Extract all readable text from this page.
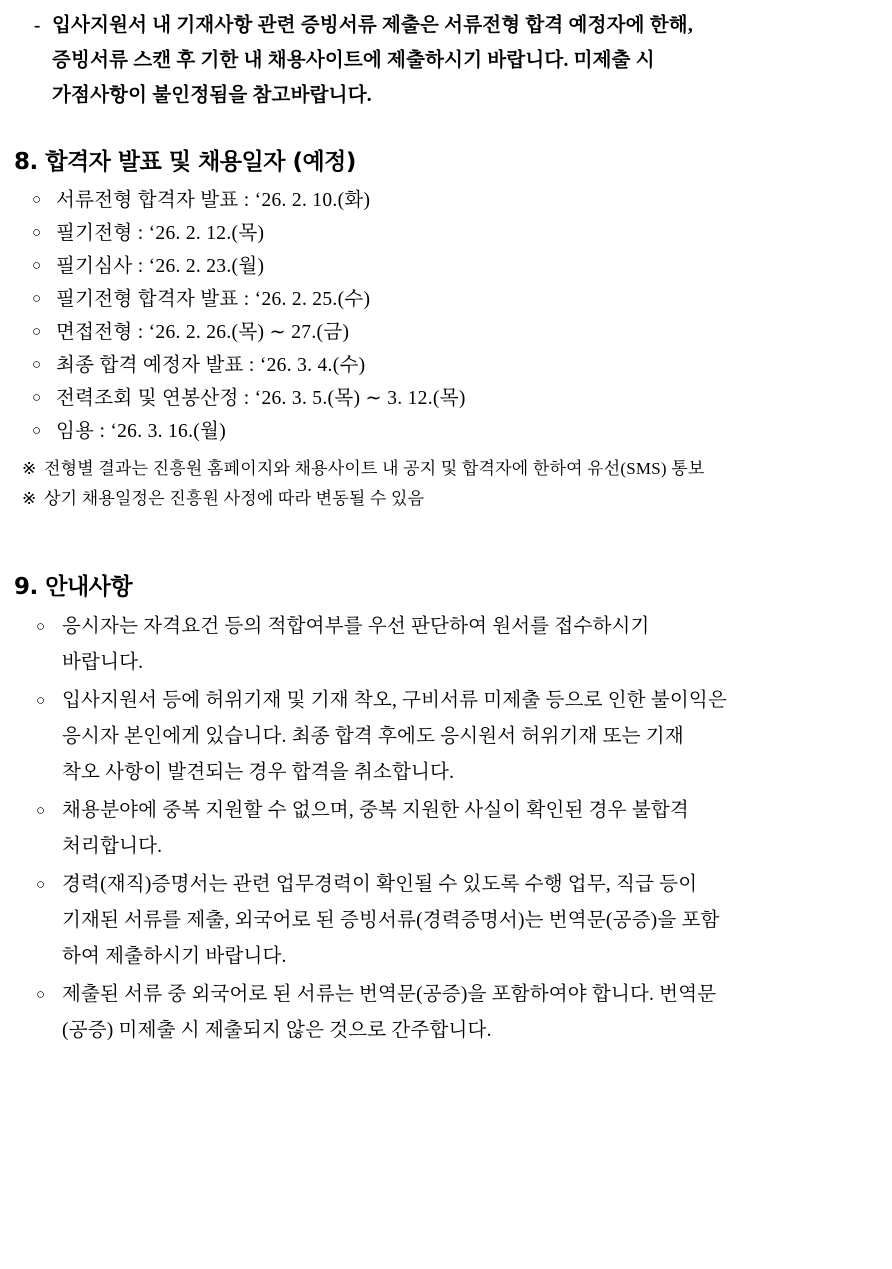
- 입사지원서 내 기재사항 관련 증빙서류 제출은 서류전형 합격 예정자에 한해,
증빙서류 스캔 후 기한 내 채용사이트에 제출하시기 바랍니다. 미제출 시
가점사항이 불인정됨을 참고바랍니다.
8. 합격자 발표 및 채용일자 (예정)
○ 서류전형 합격자 발표 : ‘26. 2. 10.(화)
○ 필기전형 : ‘26. 2. 12.(목)
○ 필기심사 : ‘26. 2. 23.(월)
○ 필기전형 합격자 발표 : ‘26. 2. 25.(수)
○ 면접전형 : ‘26. 2. 26.(목) ∼ 27.(금)
○ 최종 합격 예정자 발표 : ‘26. 3. 4.(수)
○ 전력조회 및 연봉산정 : ‘26. 3. 5.(목) ∼ 3. 12.(목)
○ 임용 : ‘26. 3. 16.(월)
※ 전형별 결과는 진흥원 홈페이지와 채용사이트 내 공지 및 합격자에 한하여 유선(SMS) 통보
※ 상기 채용일정은 진흥원 사정에 따라 변동될 수 있음
9. 안내사항
○ 응시자는 자격요건 등의 적합여부를 우선 판단하여 원서를 접수하시기
바랍니다.
○ 입사지원서 등에 허위기재 및 기재 착오, 구비서류 미제출 등으로 인한 불이익은
응시자 본인에게 있습니다. 최종 합격 후에도 응시원서 허위기재 또는 기재
착오 사항이 발견되는 경우 합격을 취소합니다.
○ 채용분야에 중복 지원할 수 없으며, 중복 지원한 사실이 확인된 경우 불합격
처리합니다.
○ 경력(재직)증명서는 관련 업무경력이 확인될 수 있도록 수행 업무, 직급 등이
기재된 서류를 제출, 외국어로 된 증빙서류(경력증명서)는 번역문(공증)을 포함
하여 제출하시기 바랍니다.
○ 제출된 서류 중 외국어로 된 서류는 번역문(공증)을 포함하여야 합니다. 번역문
(공증) 미제출 시 제출되지 않은 것으로 간주합니다.
